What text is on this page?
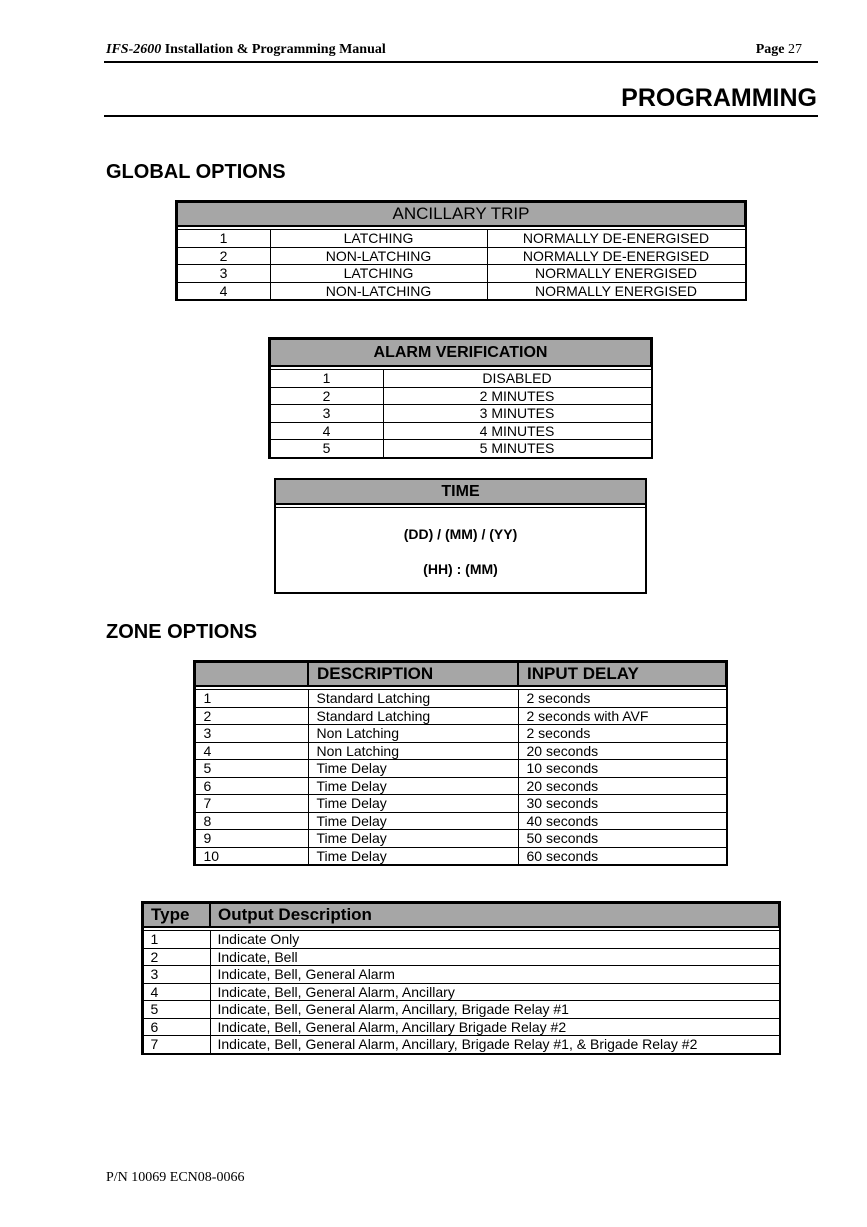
IFS-2600 Installation & Programming Manual	Page 27
PROGRAMMING
GLOBAL OPTIONS
ANCILLARY TRIP		

1	LATCHING	NORMALLY DE-ENERGISED
2	NON-LATCHING	NORMALLY DE-ENERGISED
3	LATCHING	NORMALLY ENERGISED
4	NON-LATCHING	NORMALLY ENERGISED
ALARM VERIFICATION	

1	DISABLED
2	2 MINUTES
3	3 MINUTES
4	4 MINUTES
5	5 MINUTES
TIME
(DD) / (MM) / (YY)
(HH) : (MM)
ZONE OPTIONS
	DESCRIPTION	INPUT DELAY

1	Standard Latching	2 seconds
2	Standard Latching	2 seconds with AVF
3	Non Latching	2 seconds
4	Non Latching	20 seconds
5	Time Delay	10 seconds
6	Time Delay	20 seconds
7	Time Delay	30 seconds
8	Time Delay	40 seconds
9	Time Delay	50 seconds
10	Time Delay	60 seconds
Type	Output Description

1	Indicate Only
2	Indicate, Bell
3	Indicate, Bell, General Alarm
4	Indicate, Bell, General Alarm, Ancillary
5	Indicate, Bell, General Alarm, Ancillary, Brigade Relay #1
6	Indicate, Bell, General Alarm, Ancillary Brigade Relay #2
7	Indicate, Bell, General Alarm, Ancillary, Brigade Relay #1, & Brigade Relay #2
P/N 10069 ECN08-0066
